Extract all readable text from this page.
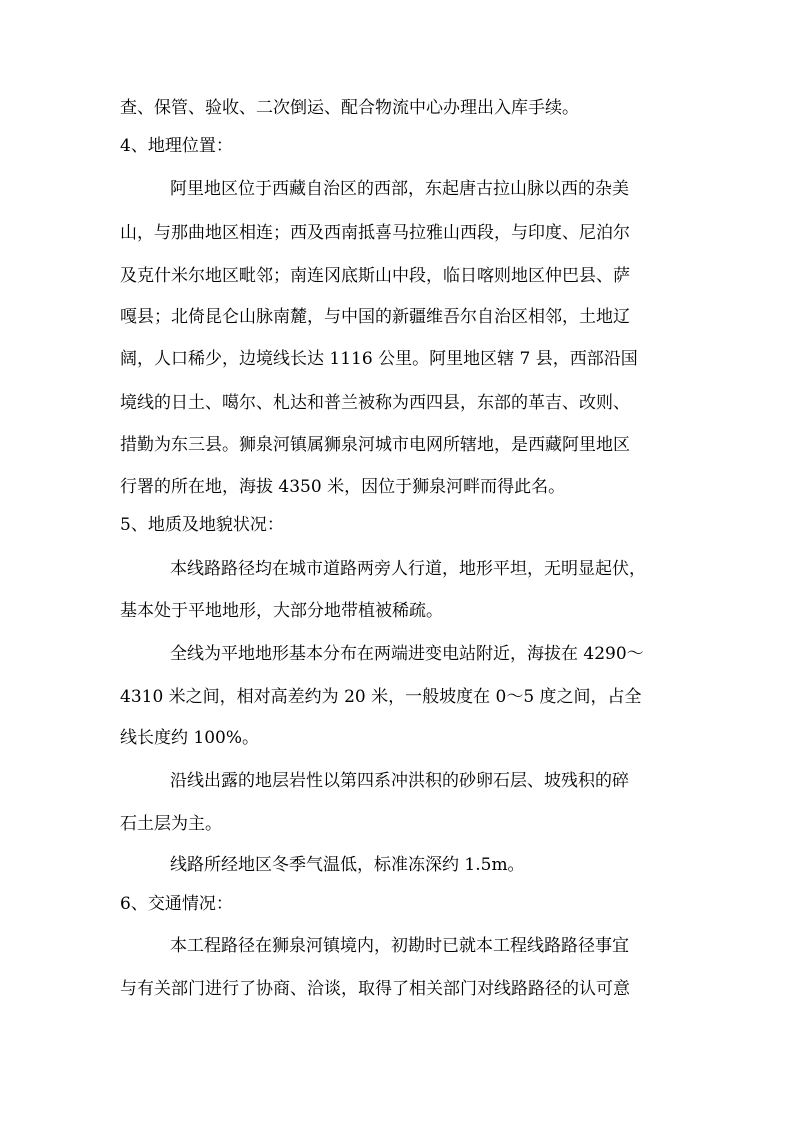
查、保管、验收、二次倒运、配合物流中心办理出入库手续。
4、地理位置：
阿里地区位于西藏自治区的西部，东起唐古拉山脉以西的杂美
山，与那曲地区相连；西及西南抵喜马拉雅山西段，与印度、尼泊尔
及克什米尔地区毗邻；南连冈底斯山中段，临日喀则地区仲巴县、萨
嘎县；北倚昆仑山脉南麓，与中国的新疆维吾尔自治区相邻，土地辽
阔，人口稀少，边境线长达 1116 公里。阿里地区辖 7 县，西部沿国
境线的日土、噶尔、札达和普兰被称为西四县，东部的革吉、改则、
措勤为东三县。狮泉河镇属狮泉河城市电网所辖地，是西藏阿里地区
行署的所在地，海拔 4350 米，因位于狮泉河畔而得此名。
5、地质及地貌状况：
本线路路径均在城市道路两旁人行道，地形平坦，无明显起伏，
基本处于平地地形，大部分地带植被稀疏。
全线为平地地形基本分布在两端进变电站附近，海拔在 4290～
4310 米之间，相对高差约为 20 米，一般坡度在 0～5 度之间，占全
线长度约 100%。
沿线出露的地层岩性以第四系冲洪积的砂卵石层、坡残积的碎
石土层为主。
线路所经地区冬季气温低，标准冻深约 1.5m。
6、交通情况：
本工程路径在狮泉河镇境内，初勘时已就本工程线路路径事宜
与有关部门进行了协商、洽谈，取得了相关部门对线路路径的认可意
